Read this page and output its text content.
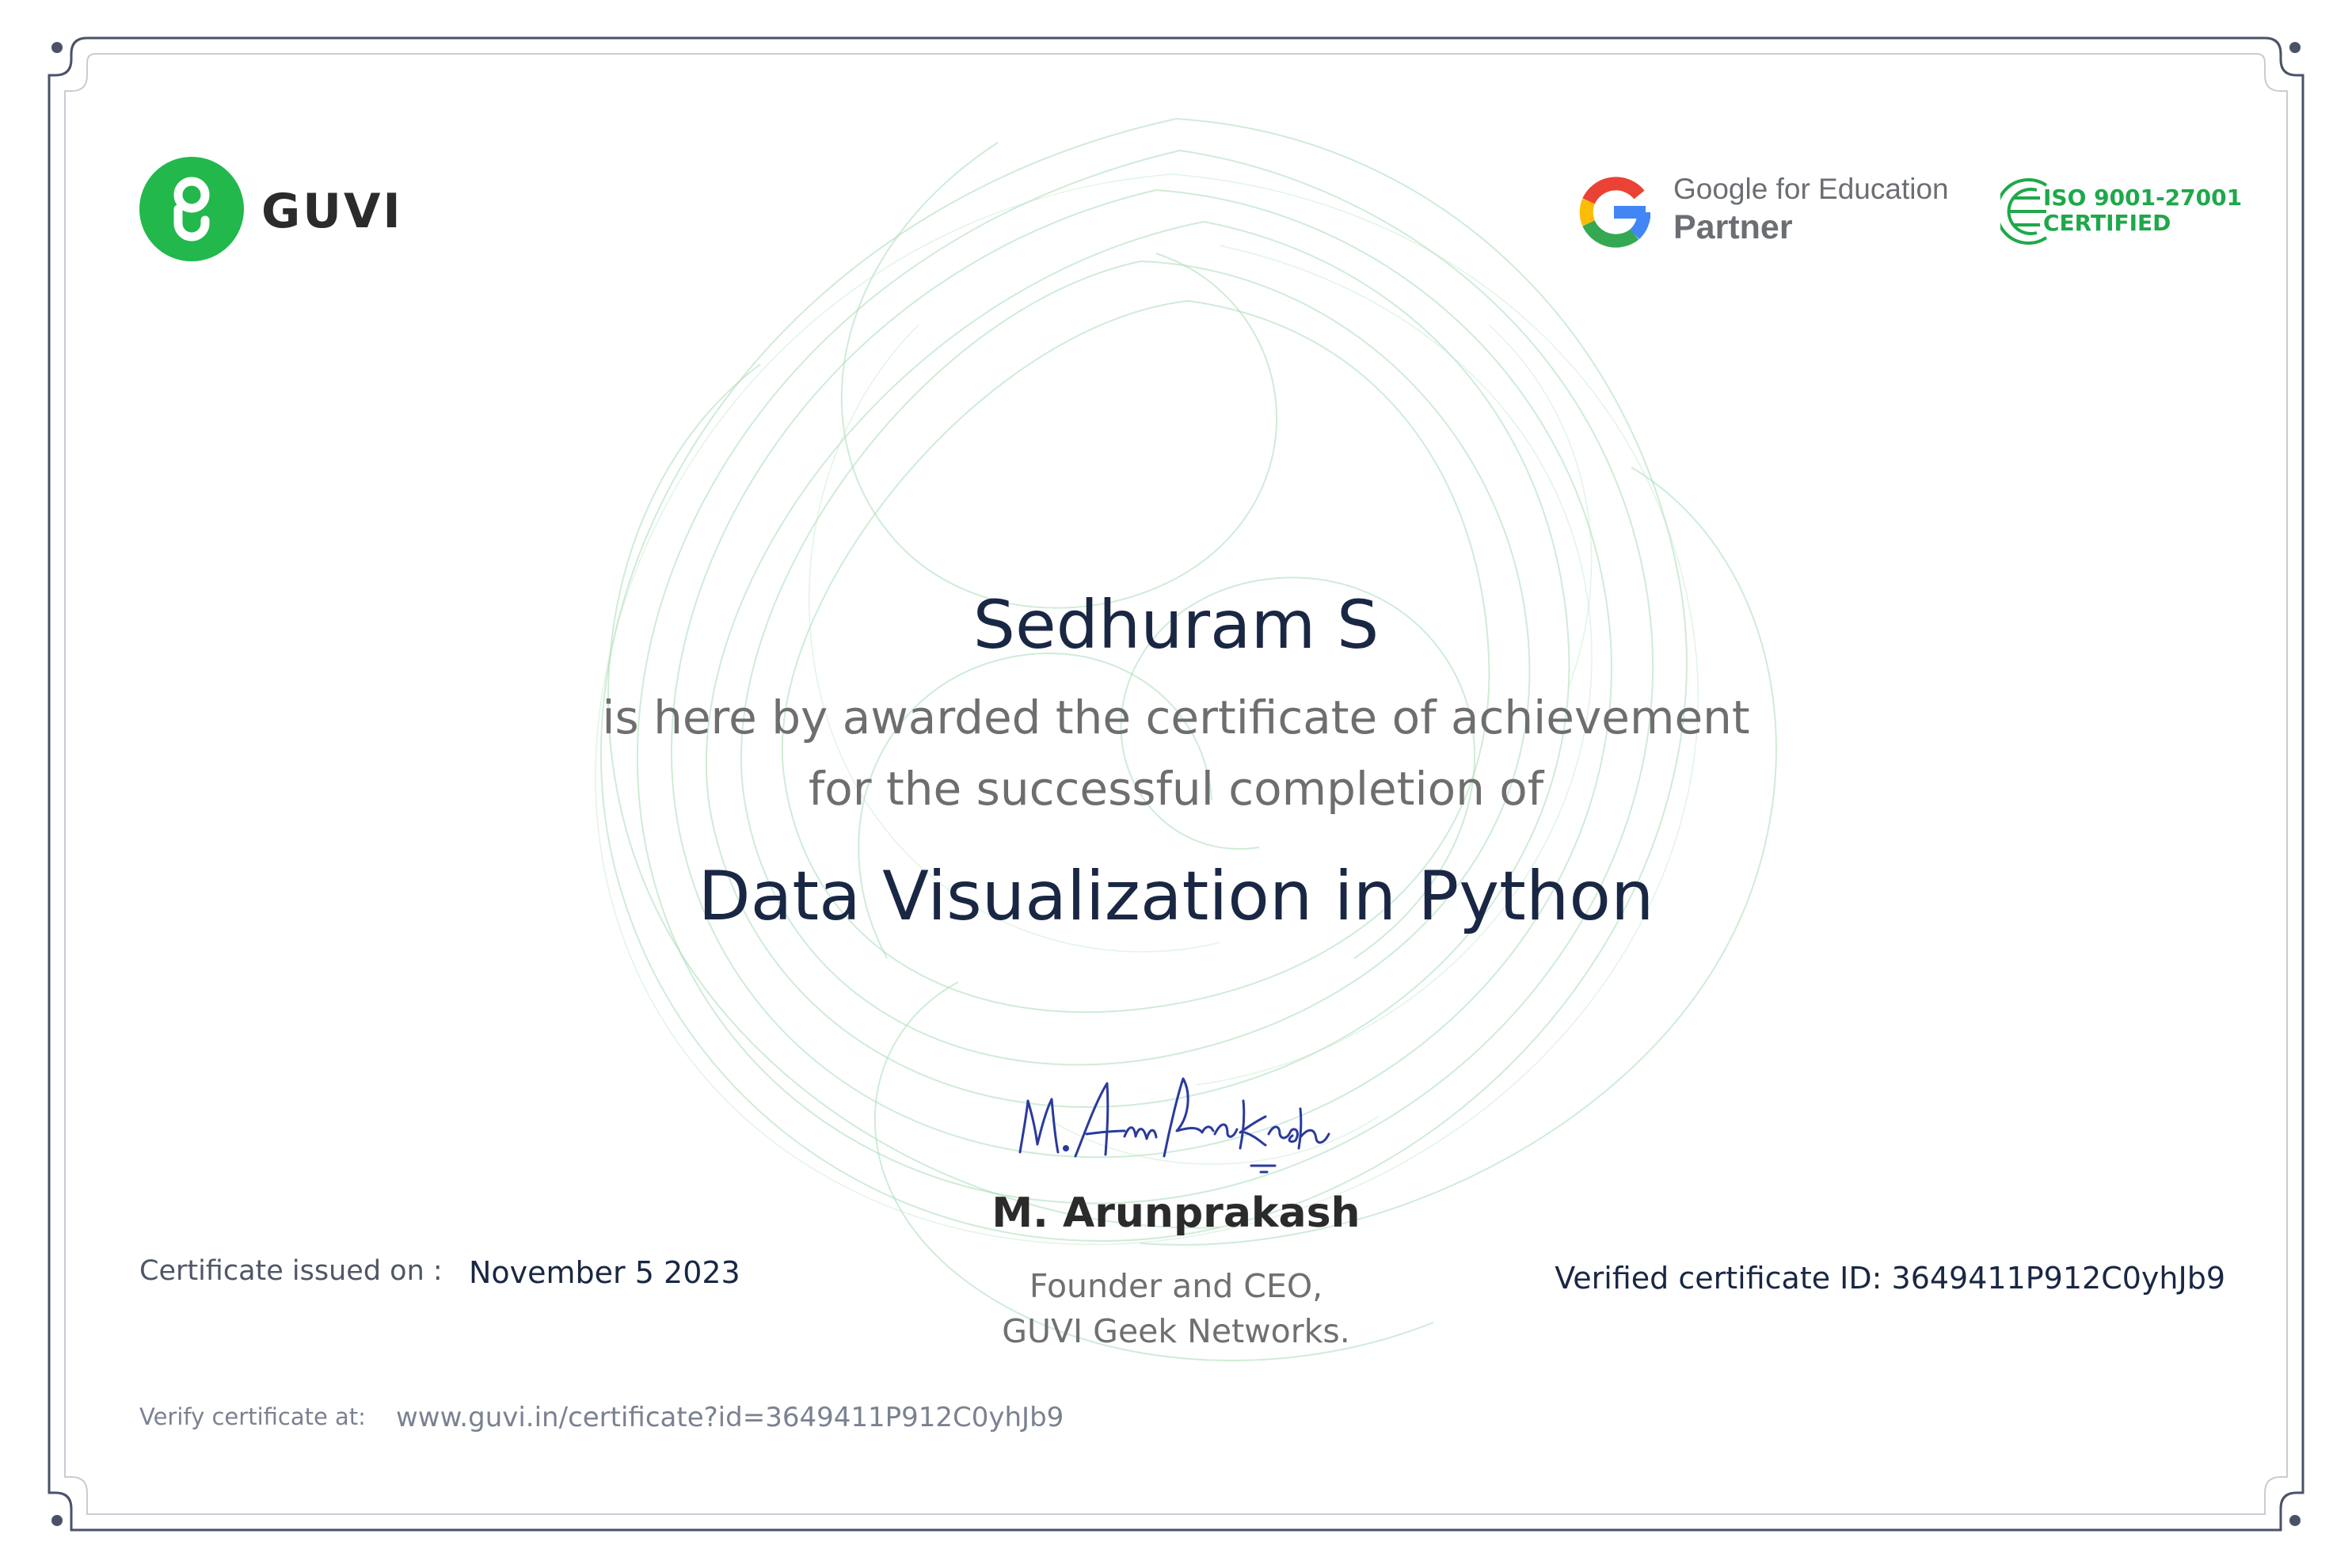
GUVI	Google for Education
Partner
ISO 9001-27001
CERTIFIED
Sedhuram S
is here by awarded the certificate of achievement
for the successful completion of
Data Visualization in Python
M. ArunPrakash
M. Arunprakash
Founder and CEO,
GUVI Geek Networks.
Certificate issued on : November 5 2023	Verified certificate ID: 3649411P912C0yhJb9
Verify certificate at: www.guvi.in/certificate?id=3649411P912C0yhJb9
